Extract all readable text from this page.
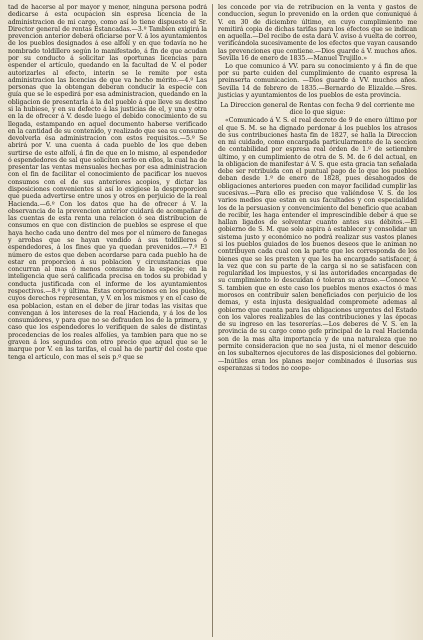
tad de hacerse al por mayor y menor, ninguna persona podrá dedicarse á esta ocupacion sin espresa licencia de la administracion de mi cargo, como así lo tiene dispuesto el Sr. Director general de rentas Estancadas.—3.º Tambien exigirá la prevencion anterior deberá oficiarse por V. á los ayuntamientos de los pueblos designados á ese alfolí y en que todavía no he nombrado toldillero según lo manifestado, á fin de que acudan por su conducto á solicitar las oportunas licencias para espender el artículo, quedando en la facultad de V. el poder autorizarles al efecto, interin se le remite por esta administracion las licencias de que va hecho mérito.—4.º Las personas que la obtengan deberan conducir la especie con guía que se le espedirá por esa administracion, quedando en la obligacion de presentarla á la del pueblo á que lleve su destino si la hubiese, y en su defecto á las justicias de el, y una y otra en la de ofrecer á V. desde luego el debido conocimiento de su llegada, estampando en aquel documento haberse verificado en la cantidad de su contenido, y realizado que sea su consumo devolverla ésa administracion con estos requisitos.—5.º Se abrirá por V. una cuenta á cada pueblo de los que deben surtirse de este alfolí, á fin de que en lo mismo, al espendedor ó espendedores de sal que soliciten serlo en ellos, la cual ha de presentar las ventas mensuales hechas por esa administracion con el fin de facilitar el conocimiento de pacificar los nuevos consumos con el de sus anteriores acopios, y dictar las disposiciones convenientes si así lo exigiese la desproporcion que pueda advertirse entre unos y otros en perjuicio de la real Hacienda.—6.º Con los datos que ha de ofrecer á V. la observancia de la prevencion anterior cuidará de acompañar á las cuentas de esta renta una relacion ó sea distribucion de consumos en que con distincion de pueblos se esprese el que haya hecho cada uno dentro del mes por el número de fanegas y arrobas que se hayan vendido á sus toldilleros ó espendedores, á los fines que ya quedan prevenidos.—7.º El número de estos que deben acordarse para cada pueblo ha de estar en proporcion á su poblacion y circunstancias que concurran al mas ó menos consumo de la especie; en la inteligencia que será calificada precisa en todos su probidad y conducta justificada con el informe de los ayuntamientos respectivos.—8.º y última. Estas corporaciones en los pueblos, cuyos derechos representan, y V. en los mismos y en el caso de esa poblacion, estan en el deber de jirar todas las visitas que convengan á los intereses de la real Hacienda, y á los de los consumidores, y para que no se defrauden los de la primera, y caso que los espendedores lo verifiquen de sales de distintas procedencias de los reales alfolíes, ya tambien para que no se graven á los segundos con otro precio que aquel que se le marque por V. en las tarifas, el cual ha de partir del coste que tenga el artículo, con mas el seis p.º que se

les concede por via de retribucion en la venta y gastos de conduccion, segun lo prevenido en la orden que comuniqué á V. en 30 de diciembre último, en cuyo cumplimiento me remitirá copia de dichas tarifas para los efectos que se indican en aquella.—Del recibo de esta dará V. aviso á vuelta de correo, verificándola sucesivamente de los efectos que vayan causando las prevenciones que contiene.—Dios guarde á V. muchos años. Sevilla 16 de enero de 1835.—Manuel Trujillo.»

Lo que comunico á VV. para su conocimiento y á fin de que por su parte cuiden del cumplimiento de cuanto espresa la preinserta comunicacion. —Dios guarde á VV. muchos años. Sevilla 14 de febrero de 1835.—Bernardo de Elizalde.—Sres. justicias y ayuntamientos de los pueblos de esta provincia.

La Direccion general de Rentas con fecha 9 del corriente me dice lo que sigue:

«Comunicado á V. S. el real decreto de 9 de enero último por el que S. M. se ha dignado perdonar á los pueblos los atrasos de sus contribuciones hasta fin de 1827, se halla la Direccion en mi cuidado, como encargada particularmente de la seccion de contabilidad por espresa real órden de 1.º de setiembre último, y en cumplimiento de otra de S. M. de 6 del actual, en la obligacion de manifestar á V. S. que esta gracia tan señalada debe ser retribuida con el puntual pago de lo que los pueblos deban desde 1.º de enero de 1828, pues desahogados de obligaciones anteriores pueden con mayor facilidad cumplir las sucesivas.—Para ello es preciso que valiéndose V. S. de los varios medios que estan en sus facultades y con especialidad los de la persuasion y convencimiento del beneficio que acaban de recibir, les haga entender el imprescindible deber á que se hallan ligados de solventar cuanto antes sus débitos.—El gobierno de S. M. que solo aspira á establecer y consolidar un sistema justo y económico no podrá realizar sus vastos planes si los pueblos guiados de los buenos deseos que le animan no contribuyen cada cual con la parte que les corresponda de los bienes que se les presten y que les ha encargado satisfacer, á la vez que con su parte de la carga si no se satisfacen con regularidad los impuestos, y si las autoridades encargadas de su cumplimiento lo descuidan ó toleran su atraso.—Conoce V. S. tambien que en este caso los pueblos menos exactos ó mas morosos en contribuir salen beneficiados con perjuicio de los demas, y esta injusta desigualdad compromete ademas al gobierno que cuenta para las obligaciones urgentes del Estado con los valores realizables de las contribuciones y las épocas de su ingreso en las tesorerías.—Los deberes de V. S. en la provincia de su cargo como gefe principal de la real Hacienda son de la mas alta importancia y de una naturaleza que no permite consideracion que no sea justa, ni el menor descuido en los subalternos ejecutores de las disposiciones del gobierno.—Inútiles eran los planes mejor combinados é ilusorias sus esperanzas si todos no coope-
